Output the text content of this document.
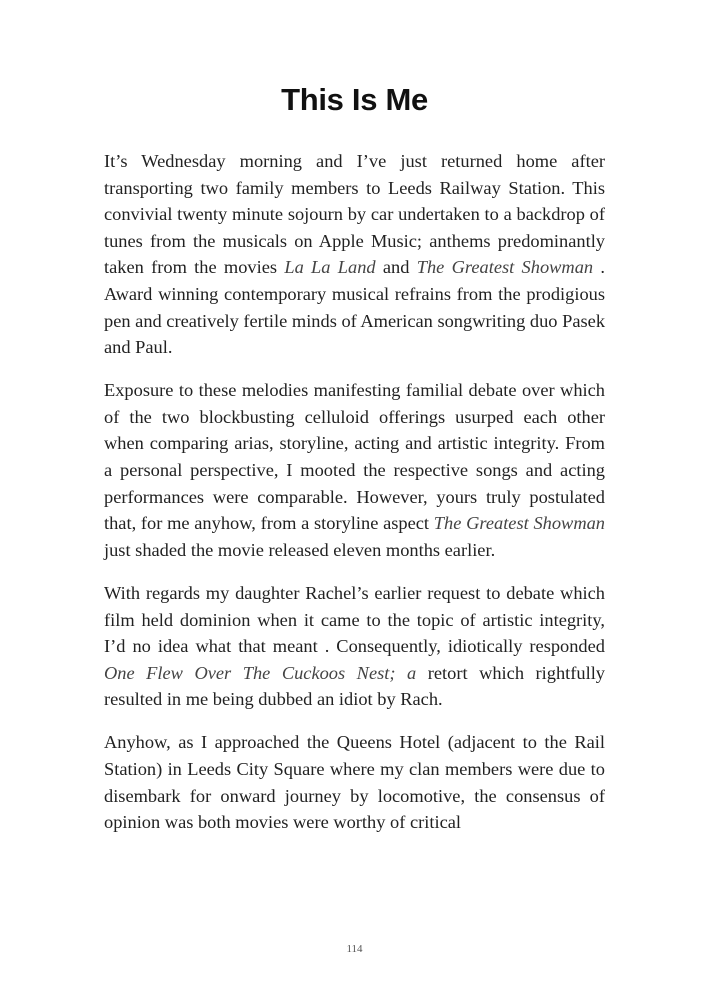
This Is Me

It’s Wednesday morning and I’ve just returned home after transporting two family members to Leeds Railway Station. This convivial twenty minute sojourn by car undertaken to a backdrop of tunes from the musicals on Apple Music; anthems predominantly taken from the movies La La Land and The Greatest Showman . Award winning contemporary musical refrains from the prodigious pen and creatively fertile minds of American songwriting duo Pasek and Paul.

Exposure to these melodies manifesting familial debate over which of the two blockbusting celluloid offerings usurped each other when comparing arias, storyline, acting and artistic integrity. From a personal perspective, I mooted the respective songs and acting performances were comparable. However, yours truly postulated that, for me anyhow, from a storyline aspect The Greatest Showman just shaded the movie released eleven months earlier.

With regards my daughter Rachel’s earlier request to debate which film held dominion when it came to the topic of artistic integrity, I’d no idea what that meant . Consequently, idiotically responded One Flew Over The Cuckoos Nest; a retort which rightfully resulted in me being dubbed an idiot by Rach.

Anyhow, as I approached the Queens Hotel (adjacent to the Rail Station) in Leeds City Square where my clan members were due to disembark for onward journey by locomotive, the consensus of opinion was both movies were worthy of critical

114
